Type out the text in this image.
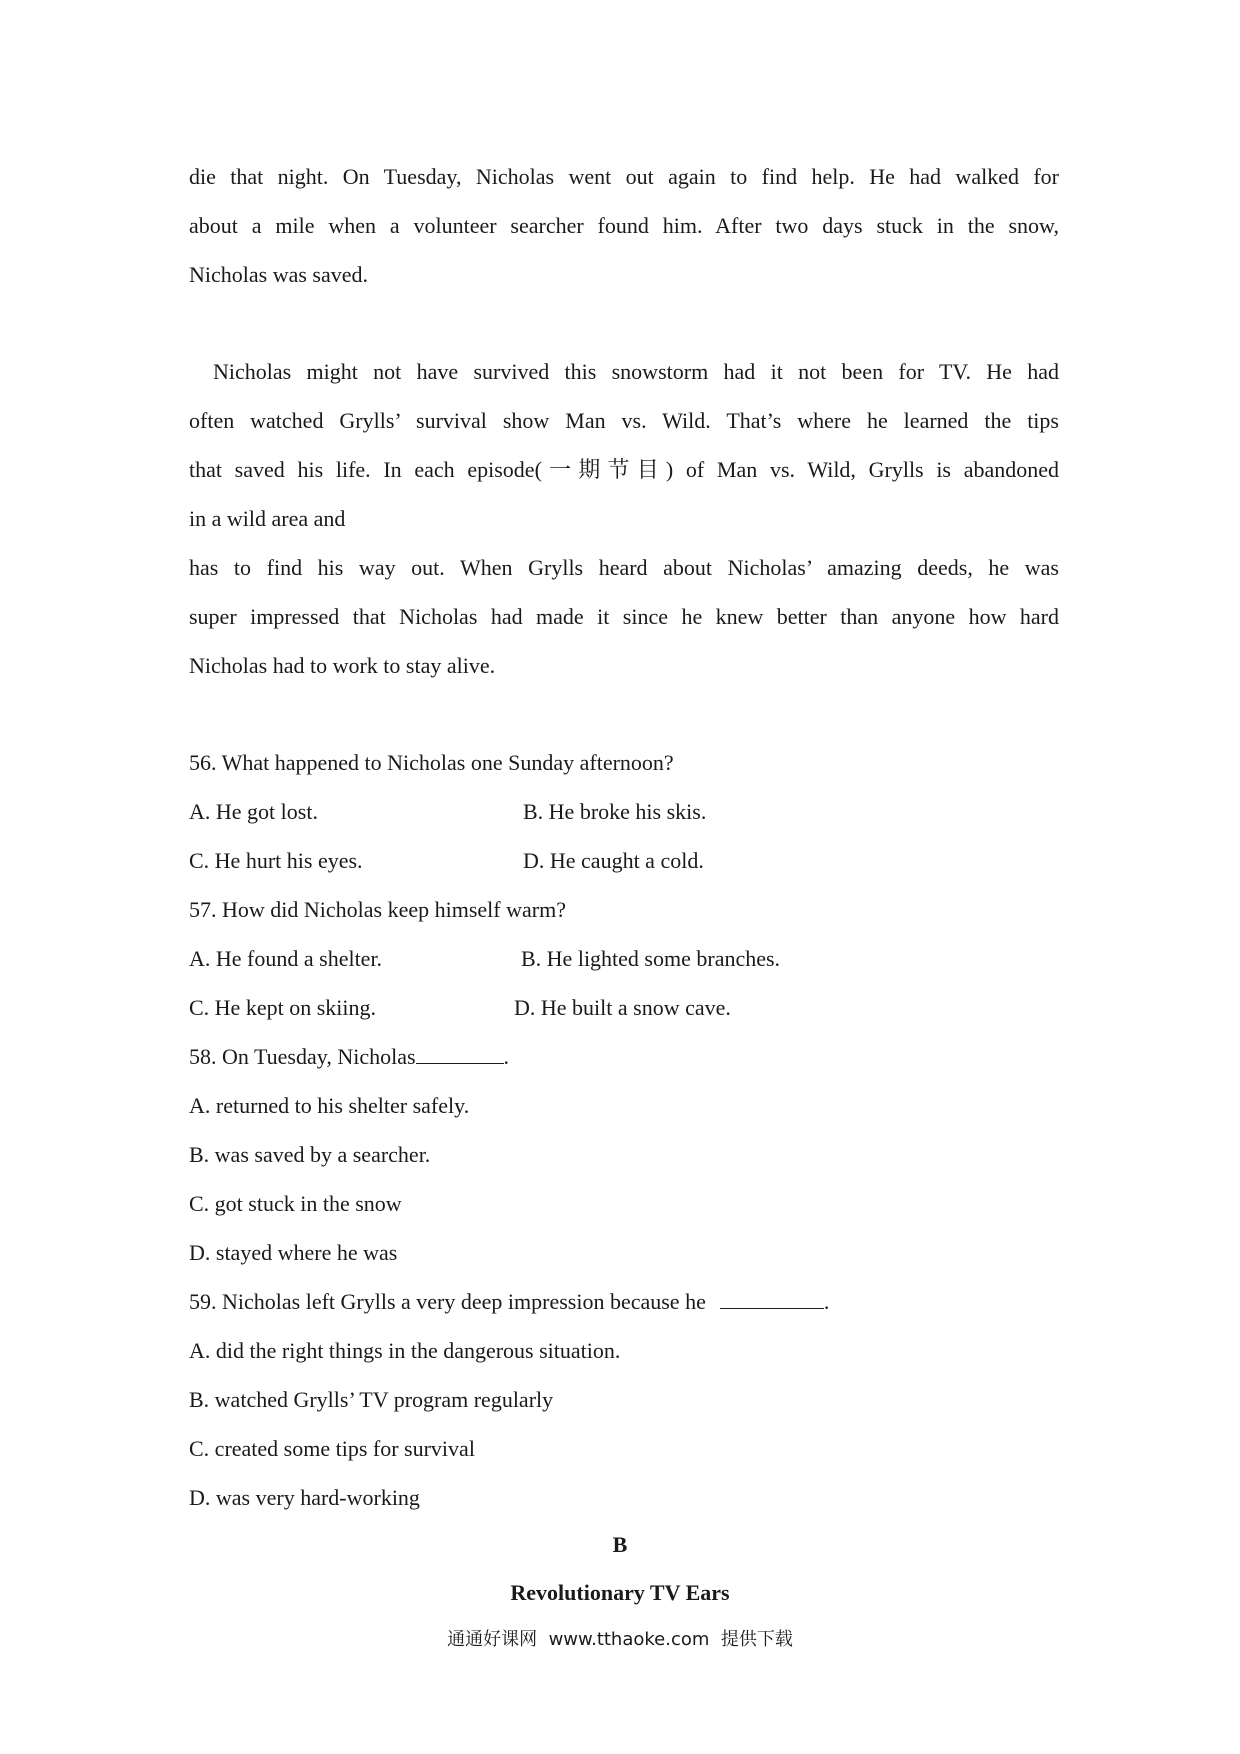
die that night. On Tuesday, Nicholas went out again to find help. He had walked for

about a mile when a volunteer searcher found him. After two days stuck in the snow,

Nicholas was saved.

Nicholas might not have survived this snowstorm had it not been for TV. He had

often watched Grylls’ survival show Man vs. Wild. That’s where he learned the tips

that saved his life. In each episode(一期节目) of Man vs. Wild, Grylls is abandoned

in a wild area and

has to find his way out. When Grylls heard about Nicholas’ amazing deeds, he was

super impressed that Nicholas had made it since he knew better than anyone how hard

Nicholas had to work to stay alive.

56. What happened to Nicholas one Sunday afternoon?
A. He got lost.	B. He broke his skis.
C. He hurt his eyes.	D. He caught a cold.
57. How did Nicholas keep himself warm?
A. He found a shelter.	B. He lighted some branches.
C. He kept on skiing.	D. He built a snow cave.
58. On Tuesday, Nicholas	.
A. returned to his shelter safely.
B. was saved by a searcher.
C. got stuck in the snow
D. stayed where he was
59. Nicholas left Grylls a very deep impression because he	.
A. did the right things in the dangerous situation.
B. watched Grylls’ TV program regularly
C. created some tips for survival
D. was very hard-working
B
Revolutionary TV Ears
通通好课网  www.tthaoke.com  提供下载
